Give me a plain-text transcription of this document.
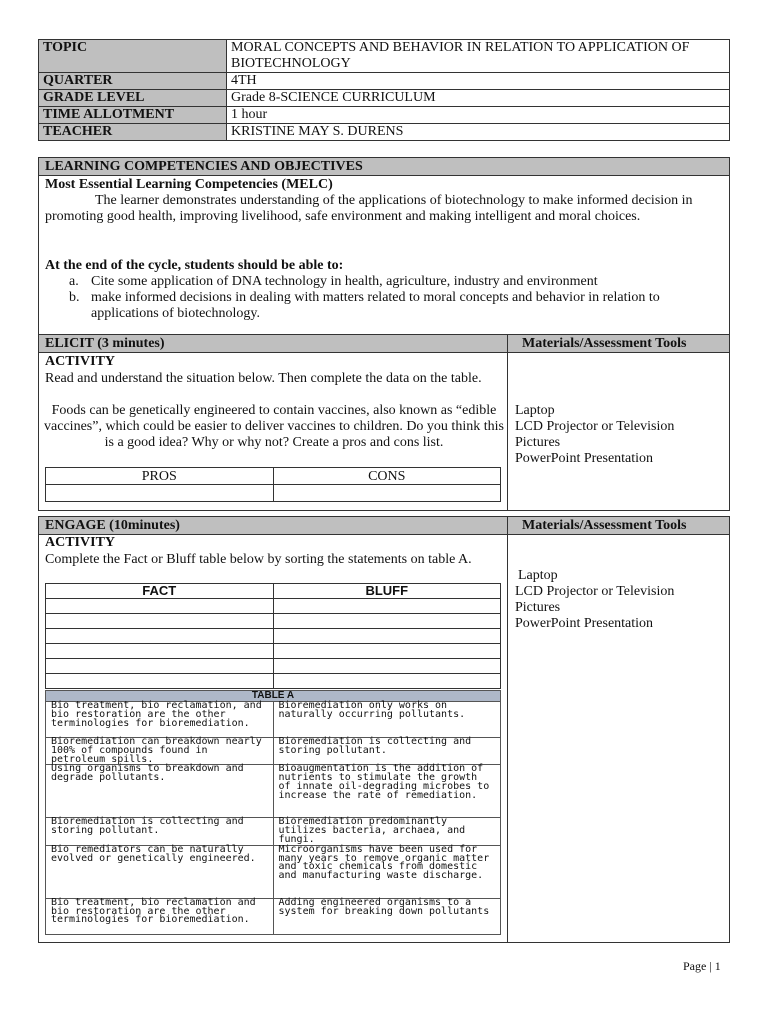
TOPIC	MORAL CONCEPTS AND BEHAVIOR IN RELATION TO APPLICATION OF BIOTECHNOLOGY
QUARTER	4TH
GRADE LEVEL	Grade 8-SCIENCE CURRICULUM
TIME ALLOTMENT	1 hour
TEACHER	KRISTINE MAY S. DURENS
LEARNING COMPETENCIES AND OBJECTIVES
Most Essential Learning Competencies (MELC)
The learner demonstrates understanding of the applications of biotechnology to make informed decision in promoting good health, improving livelihood, safe environment and making intelligent and moral choices.
At the end of the cycle, students should be able to:
a. Cite some application of DNA technology in health, agriculture, industry and environment
b. make informed decisions in dealing with matters related to moral concepts and behavior in relation to applications of biotechnology.
ELICIT (3 minutes)	Materials/Assessment Tools
ACTIVITY
Read and understand the situation below. Then complete the data on the table.
Foods can be genetically engineered to contain vaccines, also known as “edible vaccines”, which could be easier to deliver vaccines to children. Do you think this is a good idea? Why or why not? Create a pros and cons list.
Laptop
LCD Projector or Television
Pictures
PowerPoint Presentation
PROS	CONS

ENGAGE (10minutes)	Materials/Assessment Tools
ACTIVITY
Complete the Fact or Bluff table below by sorting the statements on table A.
Laptop
LCD Projector or Television
Pictures
PowerPoint Presentation
FACT	BLUFF

TABLE A	
Bio treatment, bio reclamation, and bio restoration are the other terminologies for bioremediation.	Bioremediation only works on naturally occurring pollutants.
Bioremediation can breakdown nearly 100% of compounds found in petroleum spills.	Bioremediation is collecting and storing pollutant.
Using organisms to breakdown and degrade pollutants.	Bioaugmentation is the addition of nutrients to stimulate the growth of innate oil-degrading microbes to increase the rate of remediation.
Bioremediation is collecting and storing pollutant.	Bioremediation predominantly utilizes bacteria, archaea, and fungi.
Bio remediators can be naturally evolved or genetically engineered.	Microorganisms have been used for many years to remove organic matter and toxic chemicals from domestic and manufacturing waste discharge.
Bio treatment, bio reclamation and bio restoration are the other terminologies for bioremediation.	Adding engineered organisms to a system for breaking down pollutants
Page | 1
